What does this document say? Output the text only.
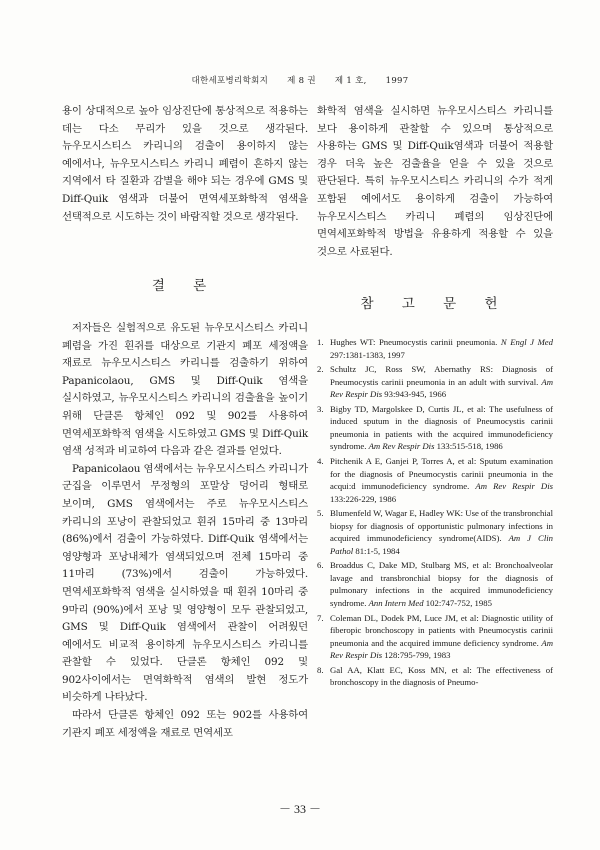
대한세포병리학회지 제 8 권 제 1 호, 1997

용이 상대적으로 높아 임상진단에 통상적으로 적용하는 데는 다소 무리가 있을 것으로 생각된다. 뉴우모시스티스 카리니의 검출이 용이하지 않는 예에서나, 뉴우모시스티스 카리니 폐렴이 흔하지 않는 지역에서 타 질환과 감별을 해야 되는 경우에 GMS 및 Diff-Quik 염색과 더불어 면역세포화학적 염색을 선택적으로 시도하는 것이 바람직할 것으로 생각된다.

결 론

저자들은 실험적으로 유도된 뉴우모시스티스 카리니 폐렴을 가진 흰쥐를 대상으로 기관지 폐포 세정액을 재료로 뉴우모시스티스 카리니를 검출하기 위하여 Papanicolaou, GMS 및 Diff-Quik 염색을 실시하였고, 뉴우모시스티스 카리니의 검출율을 높이기 위해 단클론 항체인 092 및 902를 사용하여 면역세포화학적 염색을 시도하였고 GMS 및 Diff-Quik 염색 성적과 비교하여 다음과 같은 결과를 얻었다.

Papanicolaou 염색에서는 뉴우모시스티스 카리니가 군집을 이루면서 무정형의 포말상 덩어리 형태로 보이며, GMS 염색에서는 주로 뉴우모시스티스 카리니의 포낭이 관찰되었고 흰쥐 15마리 중 13마리(86%)에서 검출이 가능하였다. Diff-Quik 염색에서는 영양형과 포낭내체가 염색되었으며 전체 15마리 중 11마리 (73%)에서 검출이 가능하였다. 면역세포화학적 염색을 실시하였을 때 흰쥐 10마리 중 9마리 (90%)에서 포낭 및 영양형이 모두 관찰되었고, GMS 및 Diff-Quik 염색에서 관찰이 어려웠던 예에서도 비교적 용이하게 뉴우모시스티스 카리니를 관찰할 수 있었다. 단클론 항체인 092 및 902사이에서는 면역화학적 염색의 발현 정도가 비슷하게 나타났다.

따라서 단클론 항체인 092 또는 902를 사용하여 기관지 폐포 세정액을 재료로 면역세포

화학적 염색을 실시하면 뉴우모시스티스 카리니를 보다 용이하게 관찰할 수 있으며 통상적으로 사용하는 GMS 및 Diff-Quik염색과 더불어 적용할 경우 더욱 높은 검출율을 얻을 수 있을 것으로 판단된다. 특히 뉴우모시스티스 카리니의 수가 적게 포함된 예에서도 용이하게 검출이 가능하여 뉴우모시스티스 카리니 폐렴의 임상진단에 면역세포화학적 방법을 유용하게 적용할 수 있을 것으로 사료된다.

참 고 문 헌
1. Hughes WT: Pneumocystis carinii pneumonia. N Engl J Med 297:1381-1383, 1997
2. Schultz JC, Ross SW, Abernathy RS: Diagnosis of Pneumocystis carinii pneumonia in an adult with survival. Am Rev Respir Dis 93:943-945, 1966
3. Bigby TD, Margolskee D, Curtis JL, et al: The usefulness of induced sputum in the diagnosis of Pneumocystis carinii pneumonia in patients with the acquired immunodeficiency syndrome. Am Rev Respir Dis 133:515-518, 1986
4. Pitchenik A E, Ganjei P, Torres A, et al: Sputum examination for the diagnosis of Pneumocystis carinii pneumonia in the acqui:d immunodeficiency syndrome. Am Rev Respir Dis 133:226-229, 1986
5. Blumenfeld W, Wagar E, Hadley WK: Use of the transbronchial biopsy for diagnosis of opportunistic pulmonary infections in acquired immunodeficiency syndrome(AIDS). Am J Clin Pathol 81:1-5, 1984
6. Broaddus C, Dake MD, Stulbarg MS, et al: Bronchoalveolar lavage and transbronchial biopsy for the diagnosis of pulmonary infections in the acquired immunodeficiency syndrome. Ann Intern Med 102:747-752, 1985
7. Coleman DL, Dodek PM, Luce JM, et al: Diagnostic utility of fiberopic bronchoscopy in patients with Pneumocystis carinii pneumonia and the acquired immune deficiency syndrome. Am Rev Respir Dis 128:795-799, 1983
8. Gal AA, Klatt EC, Koss MN, et al: The effectiveness of bronchoscopy in the diagnosis of Pneumo-
－ 33 －
